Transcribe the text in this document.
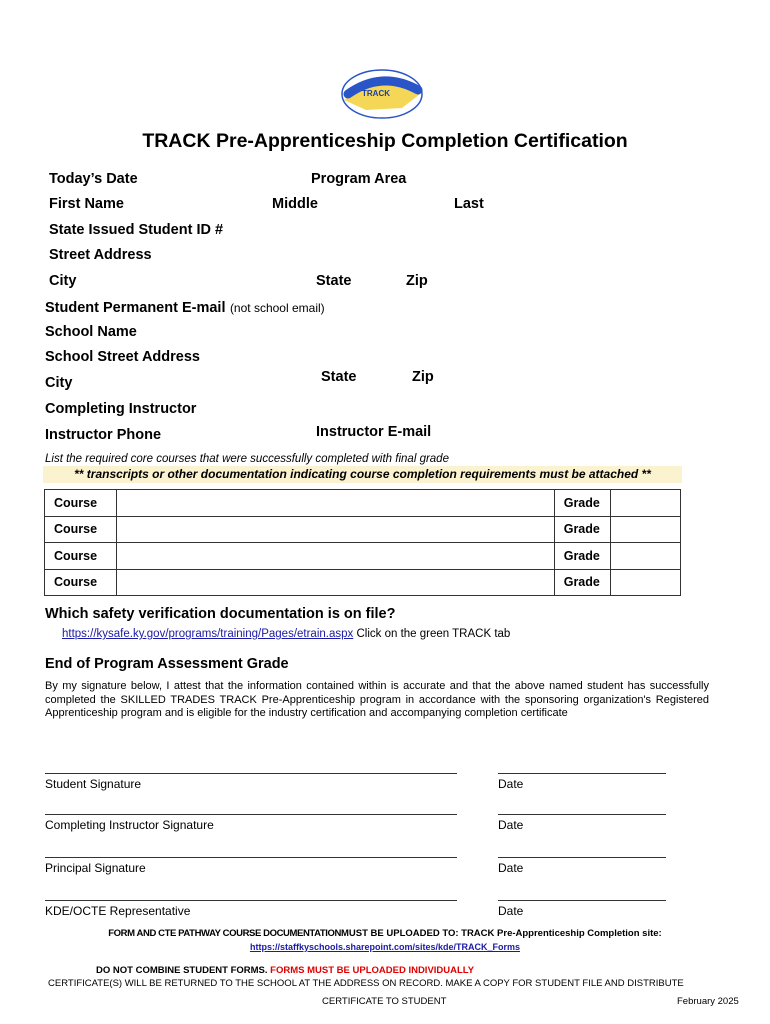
TRACK
TRACK Pre-Apprenticeship Completion Certification
Today’s Date	Program Area
First Name	Middle	Last
State Issued Student ID #
Street Address
City	State	Zip
Student Permanent E-mail (not school email)
School Name
School Street Address
City	State	Zip
Completing Instructor
Instructor Phone	Instructor E-mail
List the required core courses that were successfully completed with final grade
** transcripts or other documentation indicating course completion requirements must be attached **
Course		Grade	
Course		Grade	
Course		Grade	
Course		Grade	
Which safety verification documentation is on file?
https://kysafe.ky.gov/programs/training/Pages/etrain.aspx Click on the green TRACK tab
End of Program Assessment Grade
By my signature below, I attest that the information contained within is accurate and that the above named student has successfully completed the SKILLED TRADES TRACK Pre-Apprenticeship program in accordance with the sponsoring organization's Registered Apprenticeship program and is eligible for the industry certification and accompanying completion certificate
Student Signature	Date
Completing Instructor Signature	Date
Principal Signature	Date
KDE/OCTE Representative	Date
FORM AND CTE PATHWAY COURSE DOCUMENTATIONMUST BE UPLOADED TO: TRACK Pre-Apprenticeship Completion site:
https://staffkyschools.sharepoint.com/sites/kde/TRACK_Forms
DO NOT COMBINE STUDENT FORMS. FORMS MUST BE UPLOADED INDIVIDUALLY
CERTIFICATE(S) WILL BE RETURNED TO THE SCHOOL AT THE ADDRESS ON RECORD. MAKE A COPY FOR STUDENT FILE AND DISTRIBUTE
CERTIFICATE TO STUDENT	February 2025
